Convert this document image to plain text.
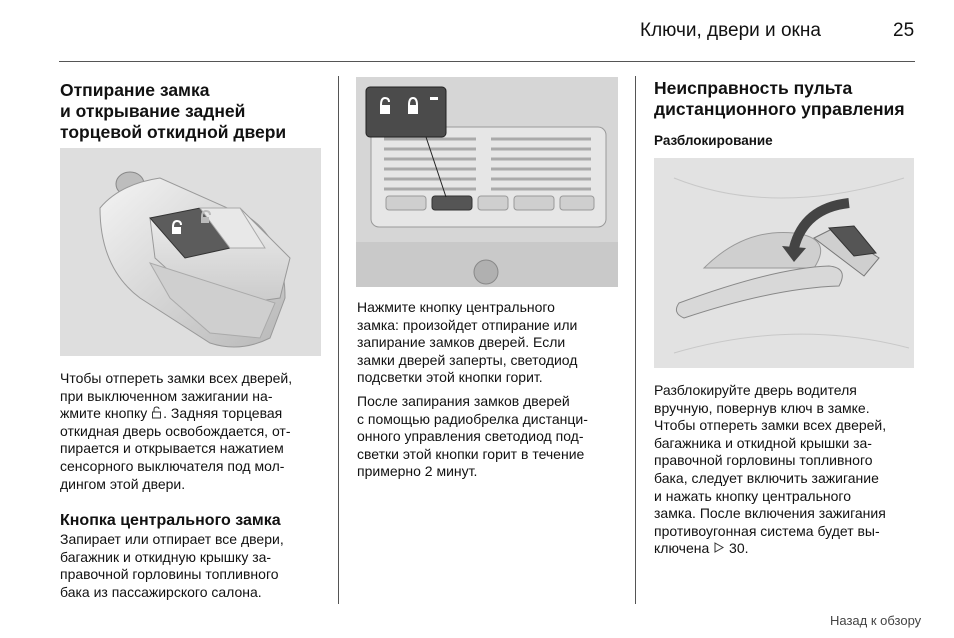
Ключи, двери и окна	25
Отпирание замка
и открывание задней
торцевой откидной двери
Чтобы отпереть замки всех дверей,
при выключенном зажигании на-
жмите кнопку . Задняя торцевая
откидная дверь освобождается, от-
пирается и открывается нажатием
сенсорного выключателя под мол-
дингом этой двери.
Кнопка центрального замка
Запирает или отпирает все двери,
багажник и откидную крышку за-
правочной горловины топливного
бака из пассажирского салона.
Нажмите кнопку центрального
замка: произойдет отпирание или
запирание замков дверей. Если
замки дверей заперты, светодиод
подсветки этой кнопки горит.
После запирания замков дверей
с помощью радиобрелка дистанци-
онного управления светодиод под-
светки этой кнопки горит в течение
примерно 2 минут.
Неисправность пульта
дистанционного управления
Разблокирование
Разблокируйте дверь водителя
вручную, повернув ключ в замке.
Чтобы отпереть замки всех дверей,
багажника и откидной крышки за-
правочной горловины топливного
бака, следует включить зажигание
и нажать кнопку центрального
замка. После включения зажигания
противоугонная система будет вы-
ключена  30.
Назад к обзору
